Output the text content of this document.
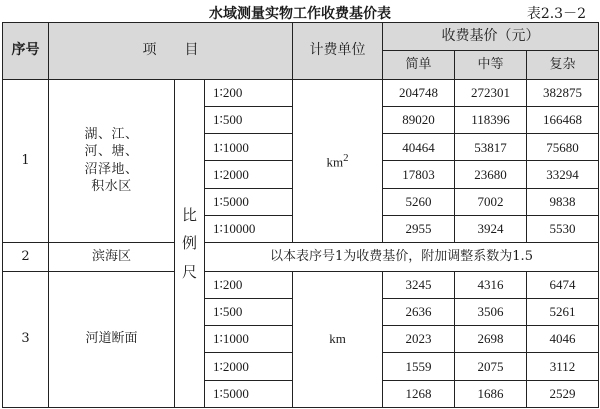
水域测量实物工作收费基价表	表2.3－2
序号	项　　目			计费单位	收费基价（元）		
					简单	中等	复杂
1	湖、江、
河、塘、
沼泽地、
积水区	比
例
尺	1∶200	$km^2$	204748	272301	382875
			1∶500		89020	118396	166468
			1∶1000		40464	53817	75680
			1∶2000		17803	23680	33294
			1∶5000		5260	7002	9838
			1∶10000		2955	3924	5530
2	滨海区		以本表序号1为收费基价，附加调整系数为1.5				
3	河道断面		1∶200	km	3245	4316	6474
			1∶500		2636	3506	5261
			1∶1000		2023	2698	4046
			1∶2000		1559	2075	3112
			1∶5000		1268	1686	2529
